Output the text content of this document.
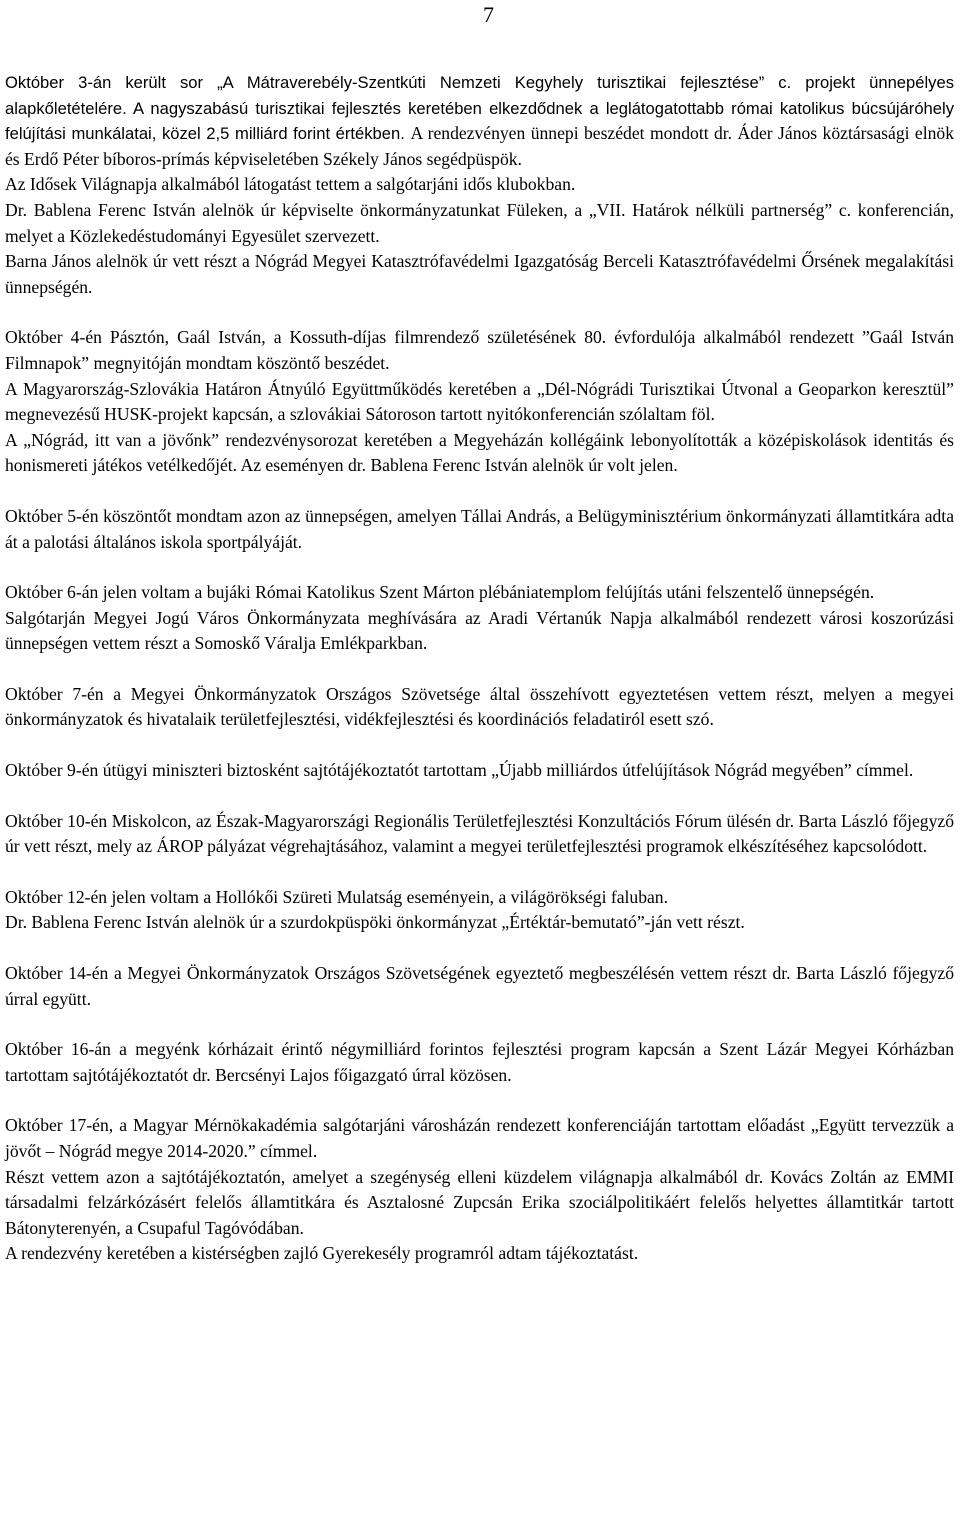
7

Október 3-án került sor „A Mátraverebély-Szentkúti Nemzeti Kegyhely turisztikai fejlesztése” c. projekt ünnepélyes alapkőletételére. A nagyszabású turisztikai fejlesztés keretében elkezdődnek a leglátogatottabb római katolikus búcsújáróhely felújítási munkálatai, közel 2,5 milliárd forint értékben. A rendezvényen ünnepi beszédet mondott dr. Áder János köztársasági elnök és Erdő Péter bíboros-prímás képviseletében Székely János segédpüspök.

Az Idősek Világnapja alkalmából látogatást tettem a salgótarjáni idős klubokban.

Dr. Bablena Ferenc István alelnök úr képviselte önkormányzatunkat Füleken, a „VII. Határok nélküli partnerség” c. konferencián, melyet a Közlekedéstudományi Egyesület szervezett.

Barna János alelnök úr vett részt a Nógrád Megyei Katasztrófavédelmi Igazgatóság Berceli Katasztrófavédelmi Őrsének megalakítási ünnepségén.

Október 4-én Pásztón, Gaál István, a Kossuth-díjas filmrendező születésének 80. évfordulója alkalmából rendezett ”Gaál István Filmnapok” megnyitóján mondtam köszöntő beszédet.

A Magyarország-Szlovákia Határon Átnyúló Együttműködés keretében a „Dél-Nógrádi Turisztikai Útvonal a Geoparkon keresztül” megnevezésű HUSK-projekt kapcsán, a szlovákiai Sátoroson tartott nyitókonferencián szólaltam föl.

A „Nógrád, itt van a jövőnk” rendezvénysorozat keretében a Megyeházán kollégáink lebonyolították a középiskolások identitás és honismereti játékos vetélkedőjét. Az eseményen dr. Bablena Ferenc István alelnök úr volt jelen.

Október 5-én köszöntőt mondtam azon az ünnepségen, amelyen Tállai András, a Belügyminisztérium önkormányzati államtitkára adta át a palotási általános iskola sportpályáját.

Október 6-án jelen voltam a bujáki Római Katolikus Szent Márton plébániatemplom felújítás utáni felszentelő ünnepségén.

Salgótarján Megyei Jogú Város Önkormányzata meghívására az Aradi Vértanúk Napja alkalmából rendezett városi koszorúzási ünnepségen vettem részt a Somoskő Váralja Emlékparkban.

Október 7-én a Megyei Önkormányzatok Országos Szövetsége által összehívott egyeztetésen vettem részt, melyen a megyei önkormányzatok és hivatalaik területfejlesztési, vidékfejlesztési és koordinációs feladatiról esett szó.

Október 9-én útügyi miniszteri biztosként sajtótájékoztatót tartottam „Újabb milliárdos útfelújítások Nógrád megyében” címmel.

Október 10-én Miskolcon, az Észak-Magyarországi Regionális Területfejlesztési Konzultációs Fórum ülésén dr. Barta László főjegyző úr vett részt, mely az ÁROP pályázat végrehajtásához, valamint a megyei területfejlesztési programok elkészítéséhez kapcsolódott.

Október 12-én jelen voltam a Hollókői Szüreti Mulatság eseményein, a világörökségi faluban.

Dr. Bablena Ferenc István alelnök úr a szurdokpüspöki önkormányzat „Értéktár-bemutató”-ján vett részt.

Október 14-én a Megyei Önkormányzatok Országos Szövetségének egyeztető megbeszélésén vettem részt dr. Barta László főjegyző úrral együtt.

Október 16-án a megyénk kórházait érintő négymilliárd forintos fejlesztési program kapcsán a Szent Lázár Megyei Kórházban tartottam sajtótájékoztatót dr. Bercsényi Lajos főigazgató úrral közösen.

Október 17-én, a Magyar Mérnökakadémia salgótarjáni városházán rendezett konferenciáján tartottam előadást „Együtt tervezzük a jövőt – Nógrád megye 2014-2020.” címmel.

Részt vettem azon a sajtótájékoztatón, amelyet a szegénység elleni küzdelem világnapja alkalmából dr. Kovács Zoltán az EMMI társadalmi felzárkózásért felelős államtitkára és Asztalosné Zupcsán Erika szociálpolitikáért felelős helyettes államtitkár tartott Bátonyterenyén, a Csupaful Tagóvódában.

A rendezvény keretében a kistérségben zajló Gyerekesély programról adtam tájékoztatást.
